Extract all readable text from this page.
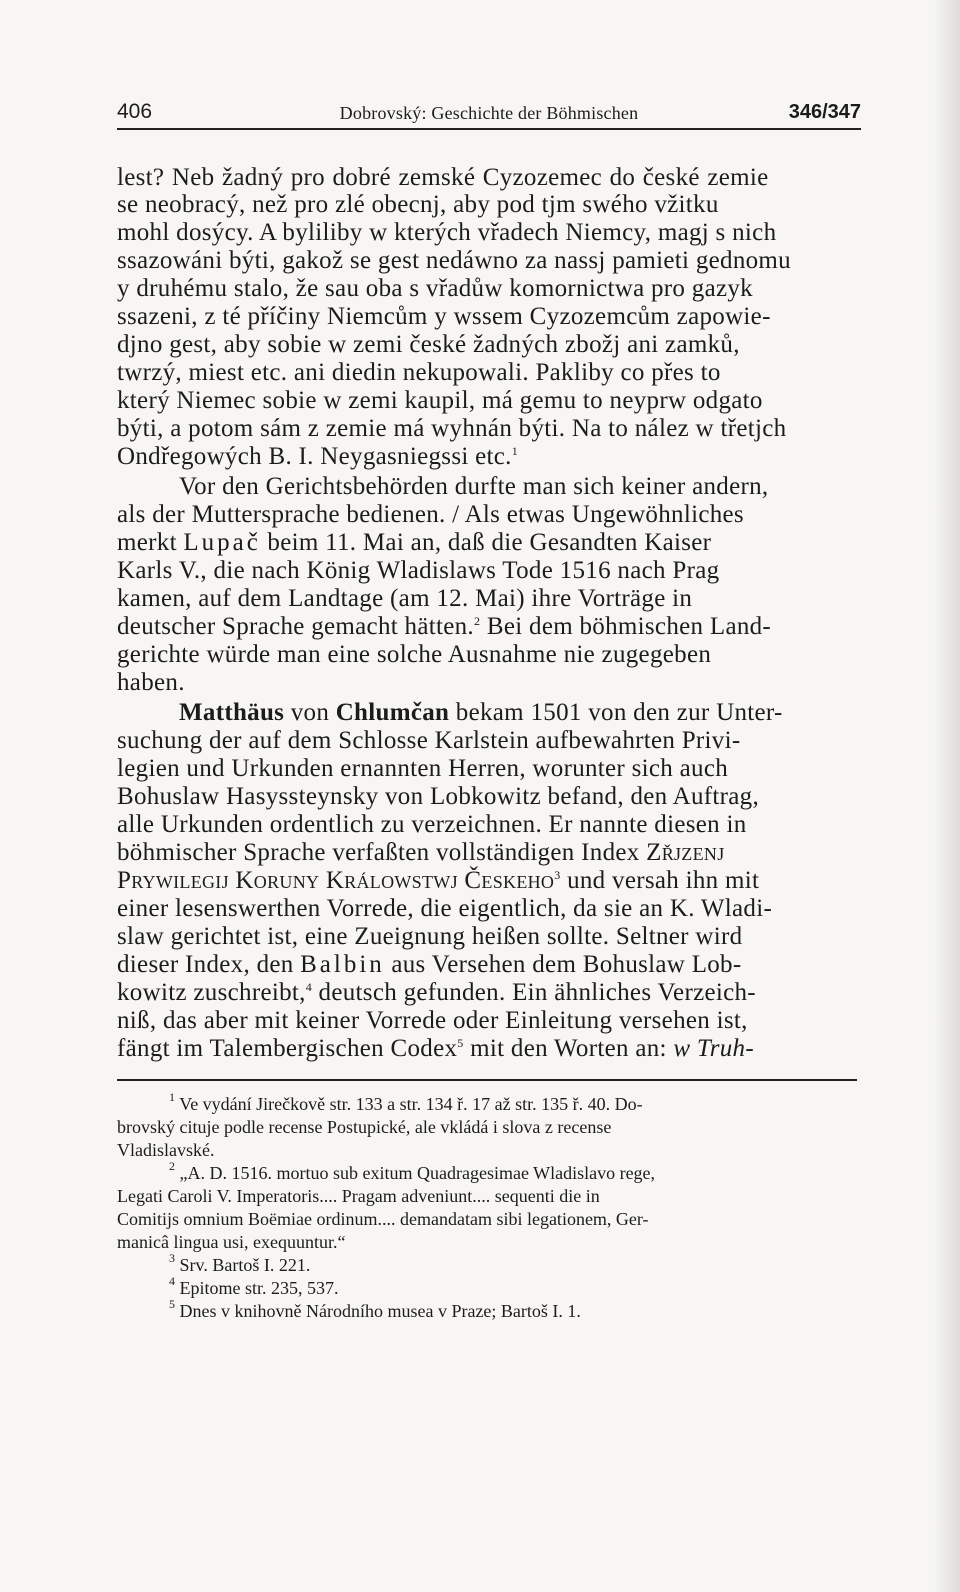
406	Dobrovský: Geschichte der Böhmischen	346/347
lest? Neb žadný pro dobré zemské Cyzozemec do české zemie
se neobracý, než pro zlé obecnj, aby pod tjm swého vžitku
mohl dosýcy. A byliliby w kterých vřadech Niemcy, magj s nich
ssazowáni býti, gakož se gest nedáwno za nassj pamieti gednomu
y druhému stalo, že sau oba s vřadůw komornictwa pro gazyk
ssazeni, z té příčiny Niemcům y wssem Cyzozemcům zapowie-
djno gest, aby sobie w zemi české žadných zbožj ani zamků,
twrzý, miest etc. ani diedin nekupowali. Pakliby co přes to
který Niemec sobie w zemi kaupil, má gemu to neyprw odgato
býti, a potom sám z zemie má wyhnán býti. Na to nález w třetjch
Ondřegowých B. I. Neygasniegssi etc.$^1$
Vor den Gerichtsbehörden durfte man sich keiner andern,
als der Muttersprache bedienen. / Als etwas Ungewöhnliches
merkt Lupač beim 11. Mai an, daß die Gesandten Kaiser
Karls V., die nach König Wladislaws Tode 1516 nach Prag
kamen, auf dem Landtage (am 12. Mai) ihre Vorträge in
deutscher Sprache gemacht hätten.$^2$ Bei dem böhmischen Land-
gerichte würde man eine solche Ausnahme nie zugegeben
haben.
Matthäus von Chlumčan bekam 1501 von den zur Unter-
suchung der auf dem Schlosse Karlstein aufbewahrten Privi-
legien und Urkunden ernannten Herren, worunter sich auch
Bohuslaw Hasyssteynsky von Lobkowitz befand, den Auftrag,
alle Urkunden ordentlich zu verzeichnen. Er nannte diesen in
böhmischer Sprache verfaßten vollständigen Index Zřjzenj
Prywilegij Koruny Králowstwj Českeho$^3$ und versah ihn mit
einer lesenswerthen Vorrede, die eigentlich, da sie an K. Wladi-
slaw gerichtet ist, eine Zueignung heißen sollte. Seltner wird
dieser Index, den Balbin aus Versehen dem Bohuslaw Lob-
kowitz zuschreibt,$^4$ deutsch gefunden. Ein ähnliches Verzeich-
niß, das aber mit keiner Vorrede oder Einleitung versehen ist,
fängt im Talembergischen Codex$^5$ mit den Worten an: w Truh-
$^1$ Ve vydání Jirečkově str. 133 a str. 134 ř. 17 až str. 135 ř. 40. Do-
brovský cituje podle recense Postupické, ale vkládá i slova z recense
Vladislavské.
$^2$ „A. D. 1516. mortuo sub exitum Quadragesimae Wladislavo rege,
Legati Caroli V. Imperatoris.... Pragam adveniunt.... sequenti die in
Comitijs omnium Boëmiae ordinum.... demandatam sibi legationem, Ger-
manicâ lingua usi, exequuntur.“
$^3$ Srv. Bartoš I. 221.
$^4$ Epitome str. 235, 537.
$^5$ Dnes v knihovně Národního musea v Praze; Bartoš I. 1.
